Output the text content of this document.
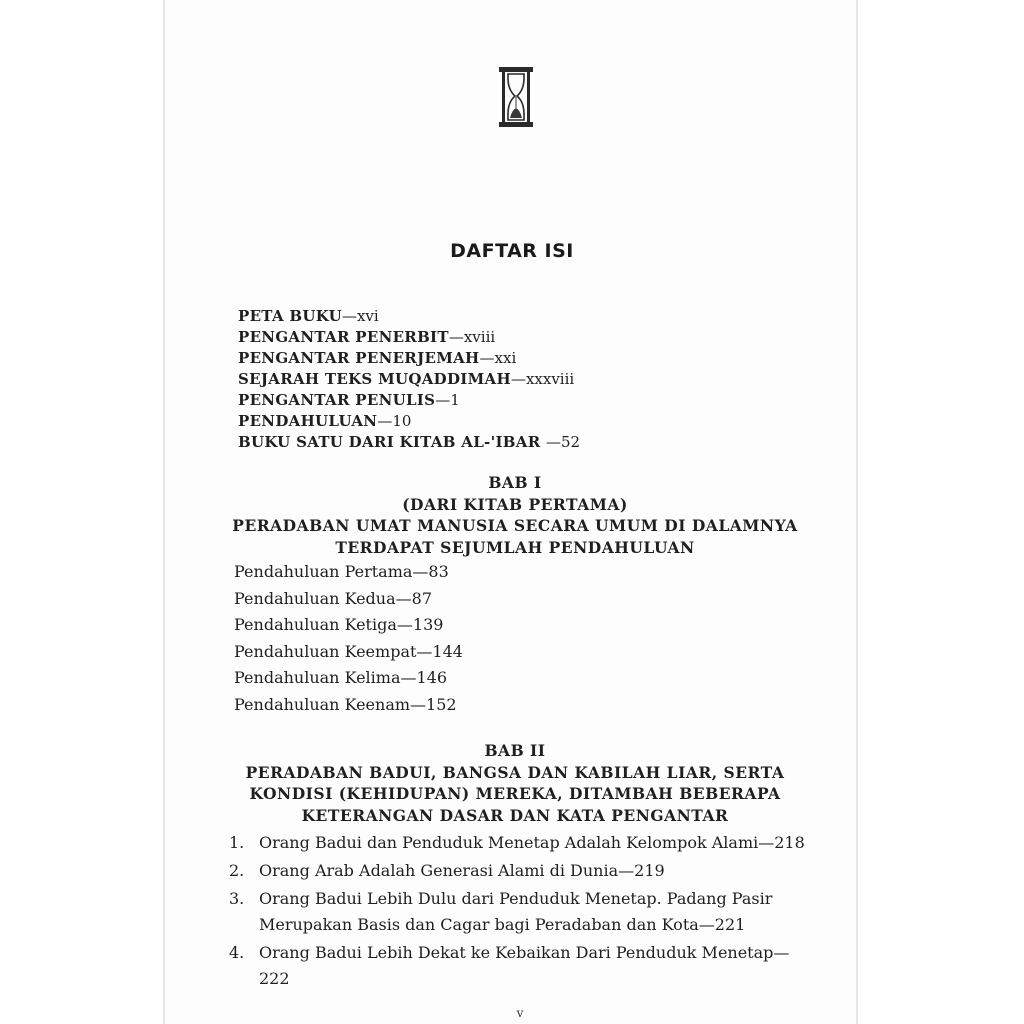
DAFTAR ISI
PETA BUKU—xvi
PENGANTAR PENERBIT—xviii
PENGANTAR PENERJEMAH—xxi
SEJARAH TEKS MUQADDIMAH—xxxviii
PENGANTAR PENULIS—1
PENDAHULUAN—10
BUKU SATU DARI KITAB AL-'IBAR —52
BAB I
(DARI KITAB PERTAMA)
PERADABAN UMAT MANUSIA SECARA UMUM DI DALAMNYA
TERDAPAT SEJUMLAH PENDAHULUAN
Pendahuluan Pertama—83
Pendahuluan Kedua—87
Pendahuluan Ketiga—139
Pendahuluan Keempat—144
Pendahuluan Kelima—146
Pendahuluan Keenam—152
BAB II
PERADABAN BADUI, BANGSA DAN KABILAH LIAR, SERTA
KONDISI (KEHIDUPAN) MEREKA, DITAMBAH BEBERAPA
KETERANGAN DASAR DAN KATA PENGANTAR
1. Orang Badui dan Penduduk Menetap Adalah Kelompok Alami—218
2. Orang Arab Adalah Generasi Alami di Dunia—219
3. Orang Badui Lebih Dulu dari Penduduk Menetap. Padang Pasir Merupakan Basis dan Cagar bagi Peradaban dan Kota—221
4. Orang Badui Lebih Dekat ke Kebaikan Dari Penduduk Menetap—222
v
